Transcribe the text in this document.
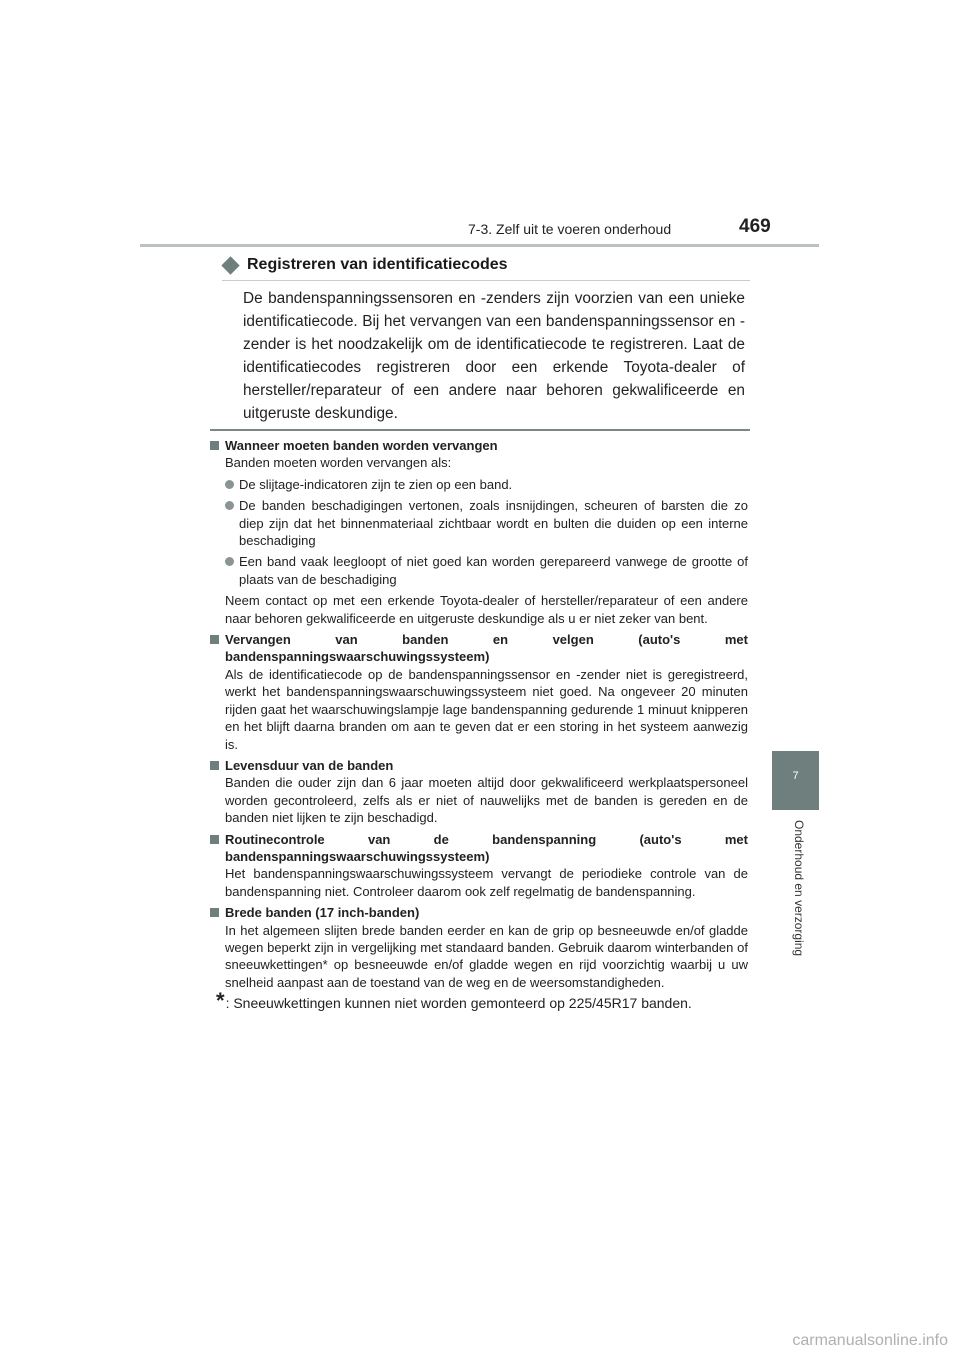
7-3. Zelf uit te voeren onderhoud	469
7
Onderhoud en verzorging
Registreren van identificatiecodes
De bandenspanningssensoren en -zenders zijn voorzien van een unieke identificatiecode. Bij het vervangen van een bandenspanningssensor en -zender is het noodzakelijk om de identificatiecode te registreren. Laat de identificatiecodes registreren door een erkende Toyota-dealer of hersteller/reparateur of een andere naar behoren gekwalificeerde en uitgeruste deskundige.
Wanneer moeten banden worden vervangen
Banden moeten worden vervangen als:
De slijtage-indicatoren zijn te zien op een band.
De banden beschadigingen vertonen, zoals insnijdingen, scheuren of barsten die zo diep zijn dat het binnenmateriaal zichtbaar wordt en bulten die duiden op een interne beschadiging
Een band vaak leegloopt of niet goed kan worden gerepareerd vanwege de grootte of plaats van de beschadiging
Neem contact op met een erkende Toyota-dealer of hersteller/reparateur of een andere naar behoren gekwalificeerde en uitgeruste deskundige als u er niet zeker van bent.
Vervangen van banden en velgen (auto's met bandenspanningswaarschuwingssysteem)
Als de identificatiecode op de bandenspanningssensor en -zender niet is geregistreerd, werkt het bandenspanningswaarschuwingssysteem niet goed. Na ongeveer 20 minuten rijden gaat het waarschuwingslampje lage bandenspanning gedurende 1 minuut knipperen en het blijft daarna branden om aan te geven dat er een storing in het systeem aanwezig is.
Levensduur van de banden
Banden die ouder zijn dan 6 jaar moeten altijd door gekwalificeerd werkplaatspersoneel worden gecontroleerd, zelfs als er niet of nauwelijks met de banden is gereden en de banden niet lijken te zijn beschadigd.
Routinecontrole van de bandenspanning (auto's met bandenspanningswaarschuwingssysteem)
Het bandenspanningswaarschuwingssysteem vervangt de periodieke controle van de bandenspanning niet. Controleer daarom ook zelf regelmatig de bandenspanning.
Brede banden (17 inch-banden)
In het algemeen slijten brede banden eerder en kan de grip op besneeuwde en/of gladde wegen beperkt zijn in vergelijking met standaard banden. Gebruik daarom winterbanden of sneeuwkettingen* op besneeuwde en/of gladde wegen en rijd voorzichtig waarbij u uw snelheid aanpast aan de toestand van de weg en de weersomstandigheden.
* : Sneeuwkettingen kunnen niet worden gemonteerd op 225/45R17 banden.
carmanualsonline.info
